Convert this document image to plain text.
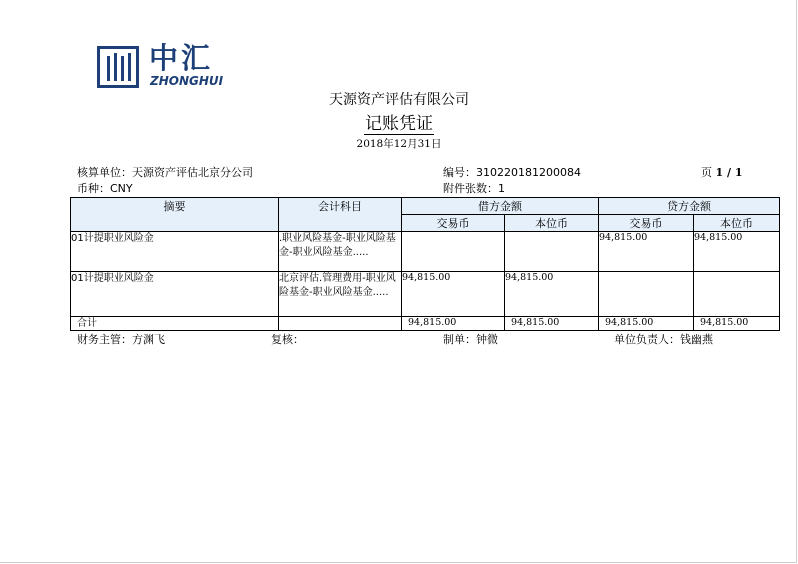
中汇
ZHONGHUI
天源资产评估有限公司
记账凭证
2018年12月31日
核算单位：天源资产评估北京分公司
币种：CNY
编号：310220181200084
附件张数：1
页 1 / 1
摘要	会计科目	借方金额		贷方金额	
		交易币	本位币	交易币	本位币
01计提职业风险金	.职业风险基金-职业风险基金-职业风险基金.....			94,815.00	94,815.00
01计提职业风险金	北京评估.管理费用-职业风险基金-职业风险基金.....	94,815.00	94,815.00		
合计		94,815.00	94,815.00	94,815.00	94,815.00
财务主管：方渊飞	复核：	制单：钟微	单位负责人：钱幽燕
